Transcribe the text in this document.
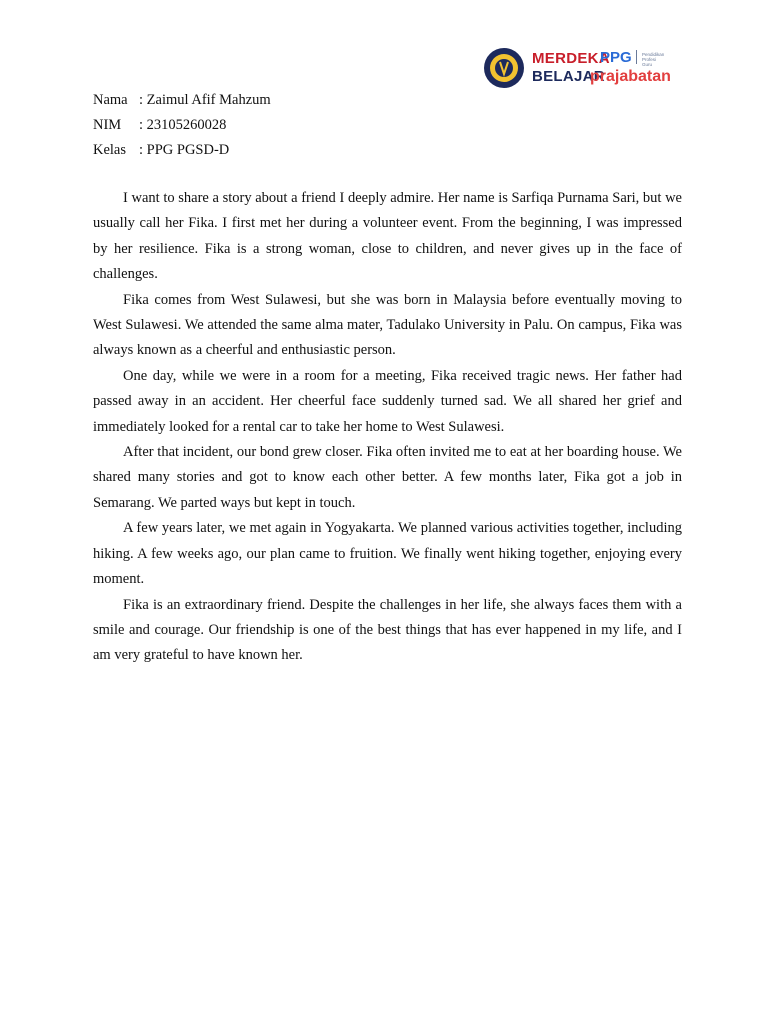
MERDEKA
BELAJAR
PPG Pendidikan Profesi Guru
prajabatan
Nama : Zaimul Afif Mahzum
NIM	: 23105260028
Kelas : PPG PGSD-D

I want to share a story about a friend I deeply admire. Her name is Sarfiqa Purnama Sari, but we usually call her Fika. I first met her during a volunteer event. From the beginning, I was impressed by her resilience. Fika is a strong woman, close to children, and never gives up in the face of challenges.

Fika comes from West Sulawesi, but she was born in Malaysia before eventually moving to West Sulawesi. We attended the same alma mater, Tadulako University in Palu. On campus, Fika was always known as a cheerful and enthusiastic person.

One day, while we were in a room for a meeting, Fika received tragic news. Her father had passed away in an accident. Her cheerful face suddenly turned sad. We all shared her grief and immediately looked for a rental car to take her home to West Sulawesi.

After that incident, our bond grew closer. Fika often invited me to eat at her boarding house. We shared many stories and got to know each other better. A few months later, Fika got a job in Semarang. We parted ways but kept in touch.

A few years later, we met again in Yogyakarta. We planned various activities together, including hiking. A few weeks ago, our plan came to fruition. We finally went hiking together, enjoying every moment.

Fika is an extraordinary friend. Despite the challenges in her life, she always faces them with a smile and courage. Our friendship is one of the best things that has ever happened in my life, and I am very grateful to have known her.
